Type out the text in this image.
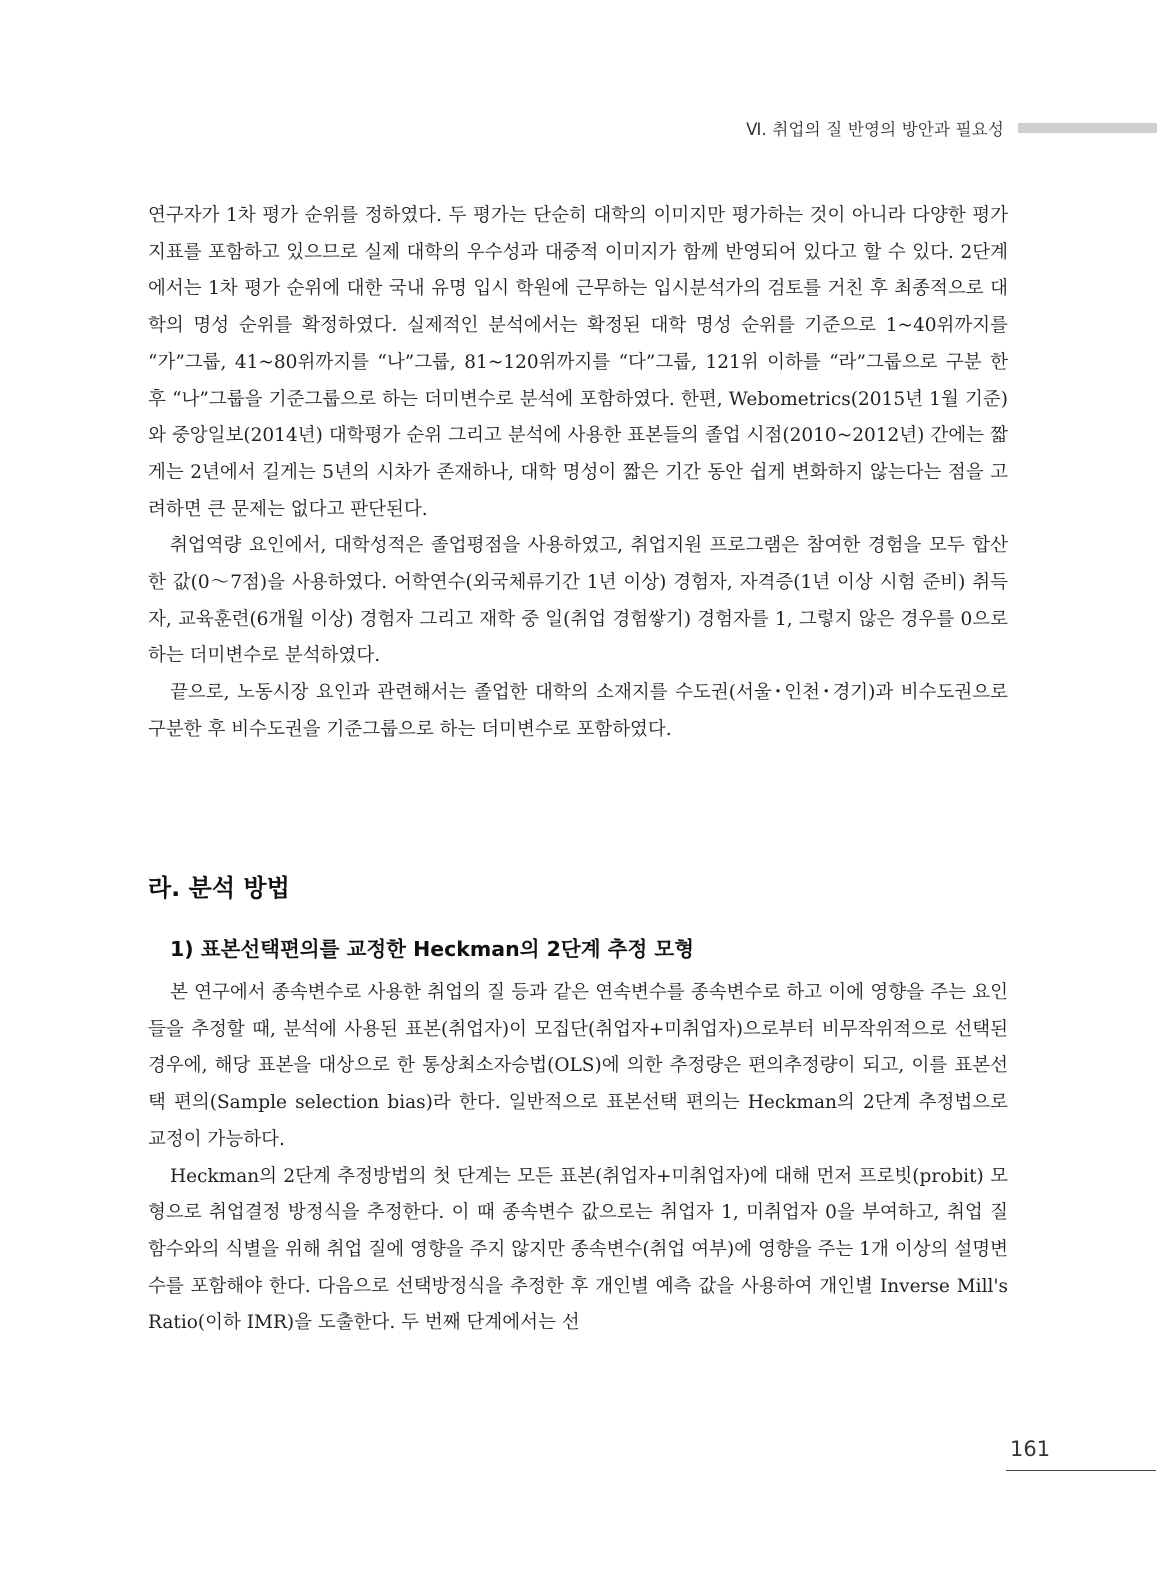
Ⅵ. 취업의 질 반영의 방안과 필요성

연구자가 1차 평가 순위를 정하였다. 두 평가는 단순히 대학의 이미지만 평가하는 것이 아니라 다양한 평가지표를 포함하고 있으므로 실제 대학의 우수성과 대중적 이미지가 함께 반영되어 있다고 할 수 있다. 2단계에서는 1차 평가 순위에 대한 국내 유명 입시 학원에 근무하는 입시분석가의 검토를 거친 후 최종적으로 대학의 명성 순위를 확정하였다. 실제적인 분석에서는 확정된 대학 명성 순위를 기준으로 1~40위까지를 “가”그룹, 41~80위까지를 “나”그룹, 81~120위까지를 “다”그룹, 121위 이하를 “라”그룹으로 구분 한 후 “나”그룹을 기준그룹으로 하는 더미변수로 분석에 포함하였다. 한편, Webometrics(2015년 1월 기준)와 중앙일보(2014년) 대학평가 순위 그리고 분석에 사용한 표본들의 졸업 시점(2010~2012년) 간에는 짧게는 2년에서 길게는 5년의 시차가 존재하나, 대학 명성이 짧은 기간 동안 쉽게 변화하지 않는다는 점을 고려하면 큰 문제는 없다고 판단된다.

취업역량 요인에서, 대학성적은 졸업평점을 사용하였고, 취업지원 프로그램은 참여한 경험을 모두 합산한 값(0～7점)을 사용하였다. 어학연수(외국체류기간 1년 이상) 경험자, 자격증(1년 이상 시험 준비) 취득자, 교육훈련(6개월 이상) 경험자 그리고 재학 중 일(취업 경험쌓기) 경험자를 1, 그렇지 않은 경우를 0으로 하는 더미변수로 분석하였다.

끝으로, 노동시장 요인과 관련해서는 졸업한 대학의 소재지를 수도권(서울･인천･경기)과 비수도권으로 구분한 후 비수도권을 기준그룹으로 하는 더미변수로 포함하였다.

라. 분석 방법
1) 표본선택편의를 교정한 Heckman의 2단계 추정 모형

본 연구에서 종속변수로 사용한 취업의 질 등과 같은 연속변수를 종속변수로 하고 이에 영향을 주는 요인들을 추정할 때, 분석에 사용된 표본(취업자)이 모집단(취업자+미취업자)으로부터 비무작위적으로 선택된 경우에, 해당 표본을 대상으로 한 통상최소자승법(OLS)에 의한 추정량은 편의추정량이 되고, 이를 표본선택 편의(Sample selection bias)라 한다. 일반적으로 표본선택 편의는 Heckman의 2단계 추정법으로 교정이 가능하다.

Heckman의 2단계 추정방법의 첫 단계는 모든 표본(취업자+미취업자)에 대해 먼저 프로빗(probit) 모형으로 취업결정 방정식을 추정한다. 이 때 종속변수 값으로는 취업자 1, 미취업자 0을 부여하고, 취업 질 함수와의 식별을 위해 취업 질에 영향을 주지 않지만 종속변수(취업 여부)에 영향을 주는 1개 이상의 설명변수를 포함해야 한다. 다음으로 선택방정식을 추정한 후 개인별 예측 값을 사용하여 개인별 Inverse Mill's Ratio(이하 IMR)을 도출한다. 두 번째 단계에서는 선

161
